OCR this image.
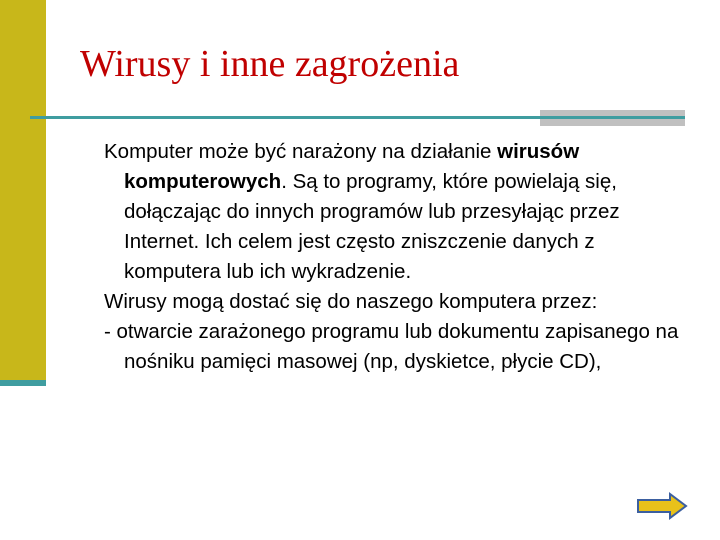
Wirusy i inne zagrożenia

Komputer może być narażony na działanie wirusów komputerowych. Są to programy, które powielają się, dołączając do innych programów lub przesyłając przez Internet. Ich celem jest często zniszczenie danych z komputera lub ich wykradzenie.

Wirusy mogą dostać się do naszego komputera przez:

- otwarcie zarażonego programu lub dokumentu zapisanego na nośniku pamięci masowej (np, dyskietce, płycie CD),
